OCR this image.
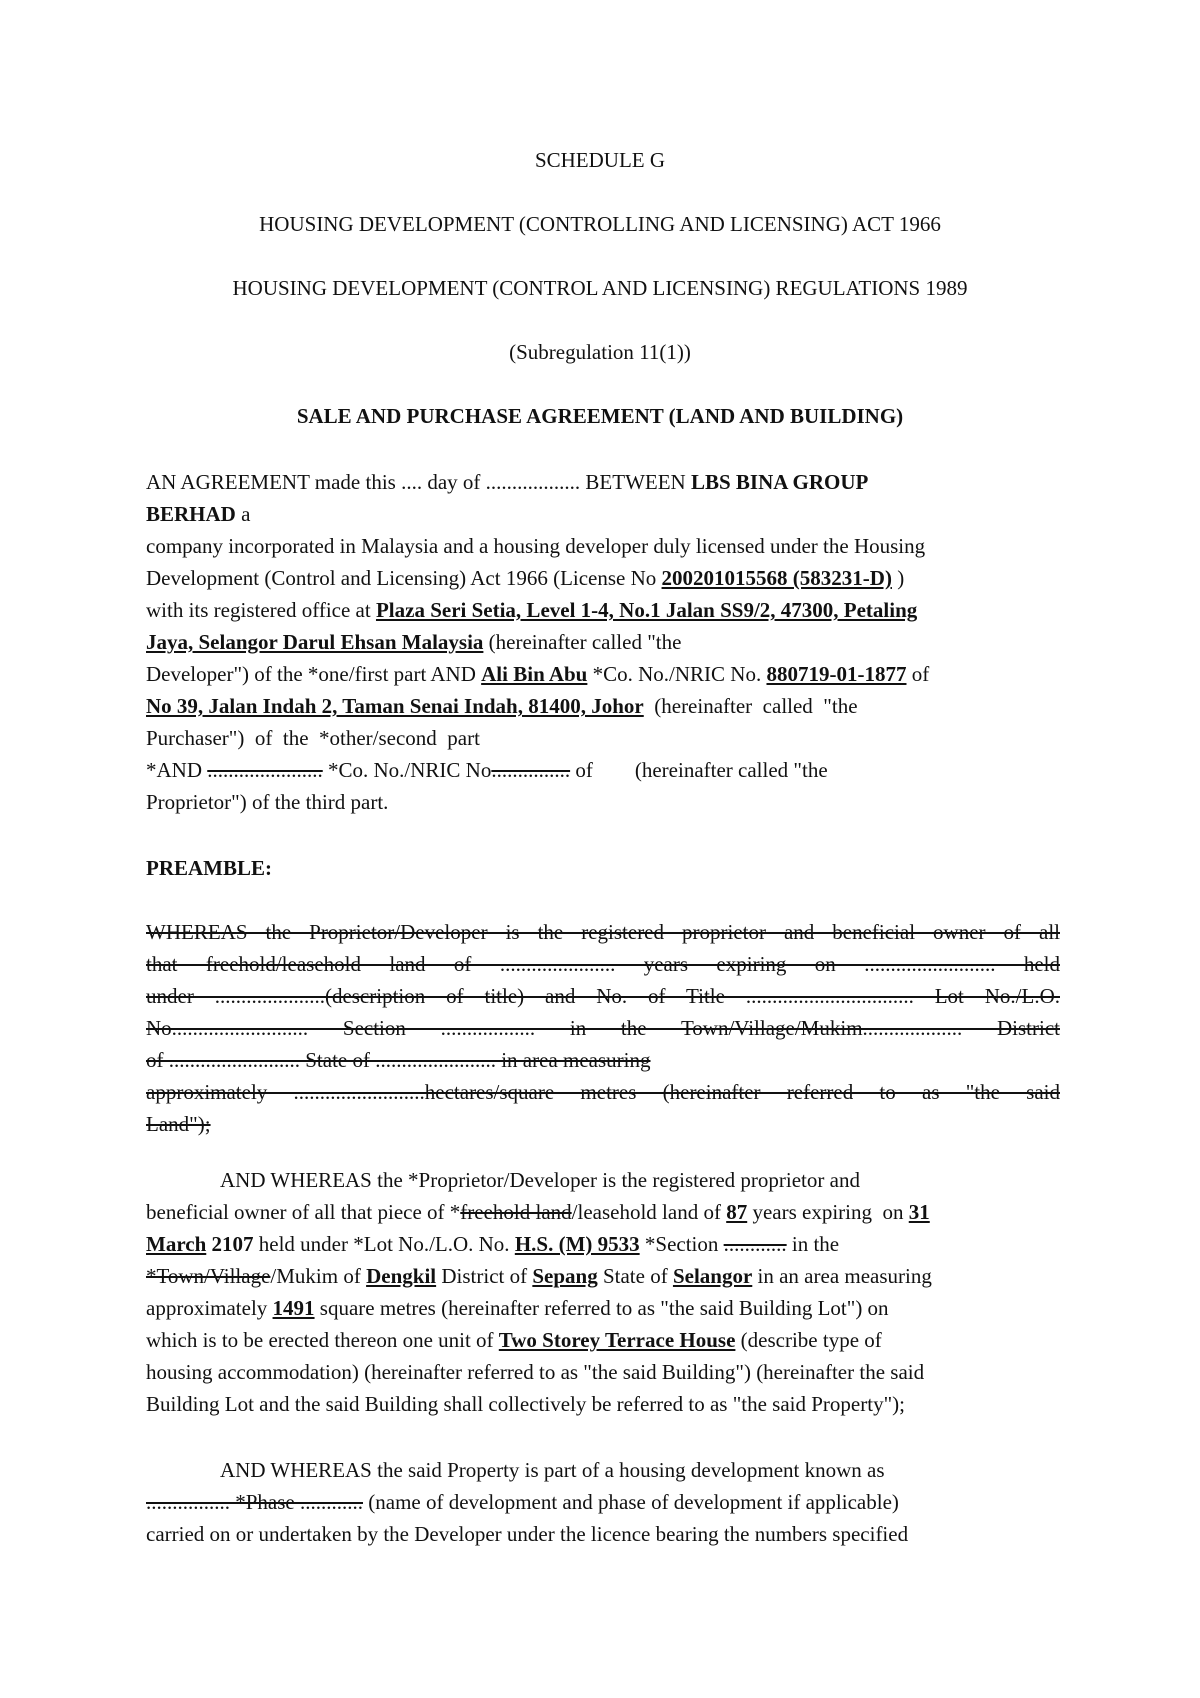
SCHEDULE G
HOUSING DEVELOPMENT (CONTROLLING AND LICENSING) ACT 1966
HOUSING DEVELOPMENT (CONTROL AND LICENSING) REGULATIONS 1989
(Subregulation 11(1))
SALE AND PURCHASE AGREEMENT (LAND AND BUILDING)
AN AGREEMENT made this .... day of .................. BETWEEN LBS BINA GROUP
BERHAD a
company incorporated in Malaysia and a housing developer duly licensed under the Housing
Development (Control and Licensing) Act 1966 (License No 200201015568 (583231-D) )
with its registered office at Plaza Seri Setia, Level 1-4, No.1 Jalan SS9/2, 47300, Petaling
Jaya, Selangor Darul Ehsan Malaysia (hereinafter called "the
Developer") of the *one/first part AND Ali Bin Abu *Co. No./NRIC No. 880719-01-1877 of
No 39, Jalan Indah 2, Taman Senai Indah, 81400, Johor  (hereinafter  called  "the
Purchaser")  of  the  *other/second  part
*AND ...................... *Co. No./NRIC No............... of        (hereinafter called "the
Proprietor") of the third part.
PREAMBLE:
WHEREAS the Proprietor/Developer is the registered proprietor and beneficial owner of all
that freehold/leasehold land of ...................... years expiring on ......................... held
under .....................(description of title) and No. of Title ................................ Lot No./L.O.
No.......................... Section .................. in the Town/Village/Mukim................... District
of ......................... State of ....................... in area measuring
approximately .........................hectares/square metres (hereinafter referred to as "the said
Land");
AND WHEREAS the *Proprietor/Developer is the registered proprietor and
beneficial owner of all that piece of *freehold land/leasehold land of 87 years expiring  on 31
March 2107 held under *Lot No./L.O. No. H.S. (M) 9533 *Section ............ in the
*Town/Village/Mukim of Dengkil District of Sepang State of Selangor in an area measuring
approximately 1491 square metres (hereinafter referred to as "the said Building Lot") on
which is to be erected thereon one unit of Two Storey Terrace House (describe type of
housing accommodation) (hereinafter referred to as "the said Building") (hereinafter the said
Building Lot and the said Building shall collectively be referred to as "the said Property");
AND WHEREAS the said Property is part of a housing development known as
................ *Phase ............ (name of development and phase of development if applicable)
carried on or undertaken by the Developer under the licence bearing the numbers specified
